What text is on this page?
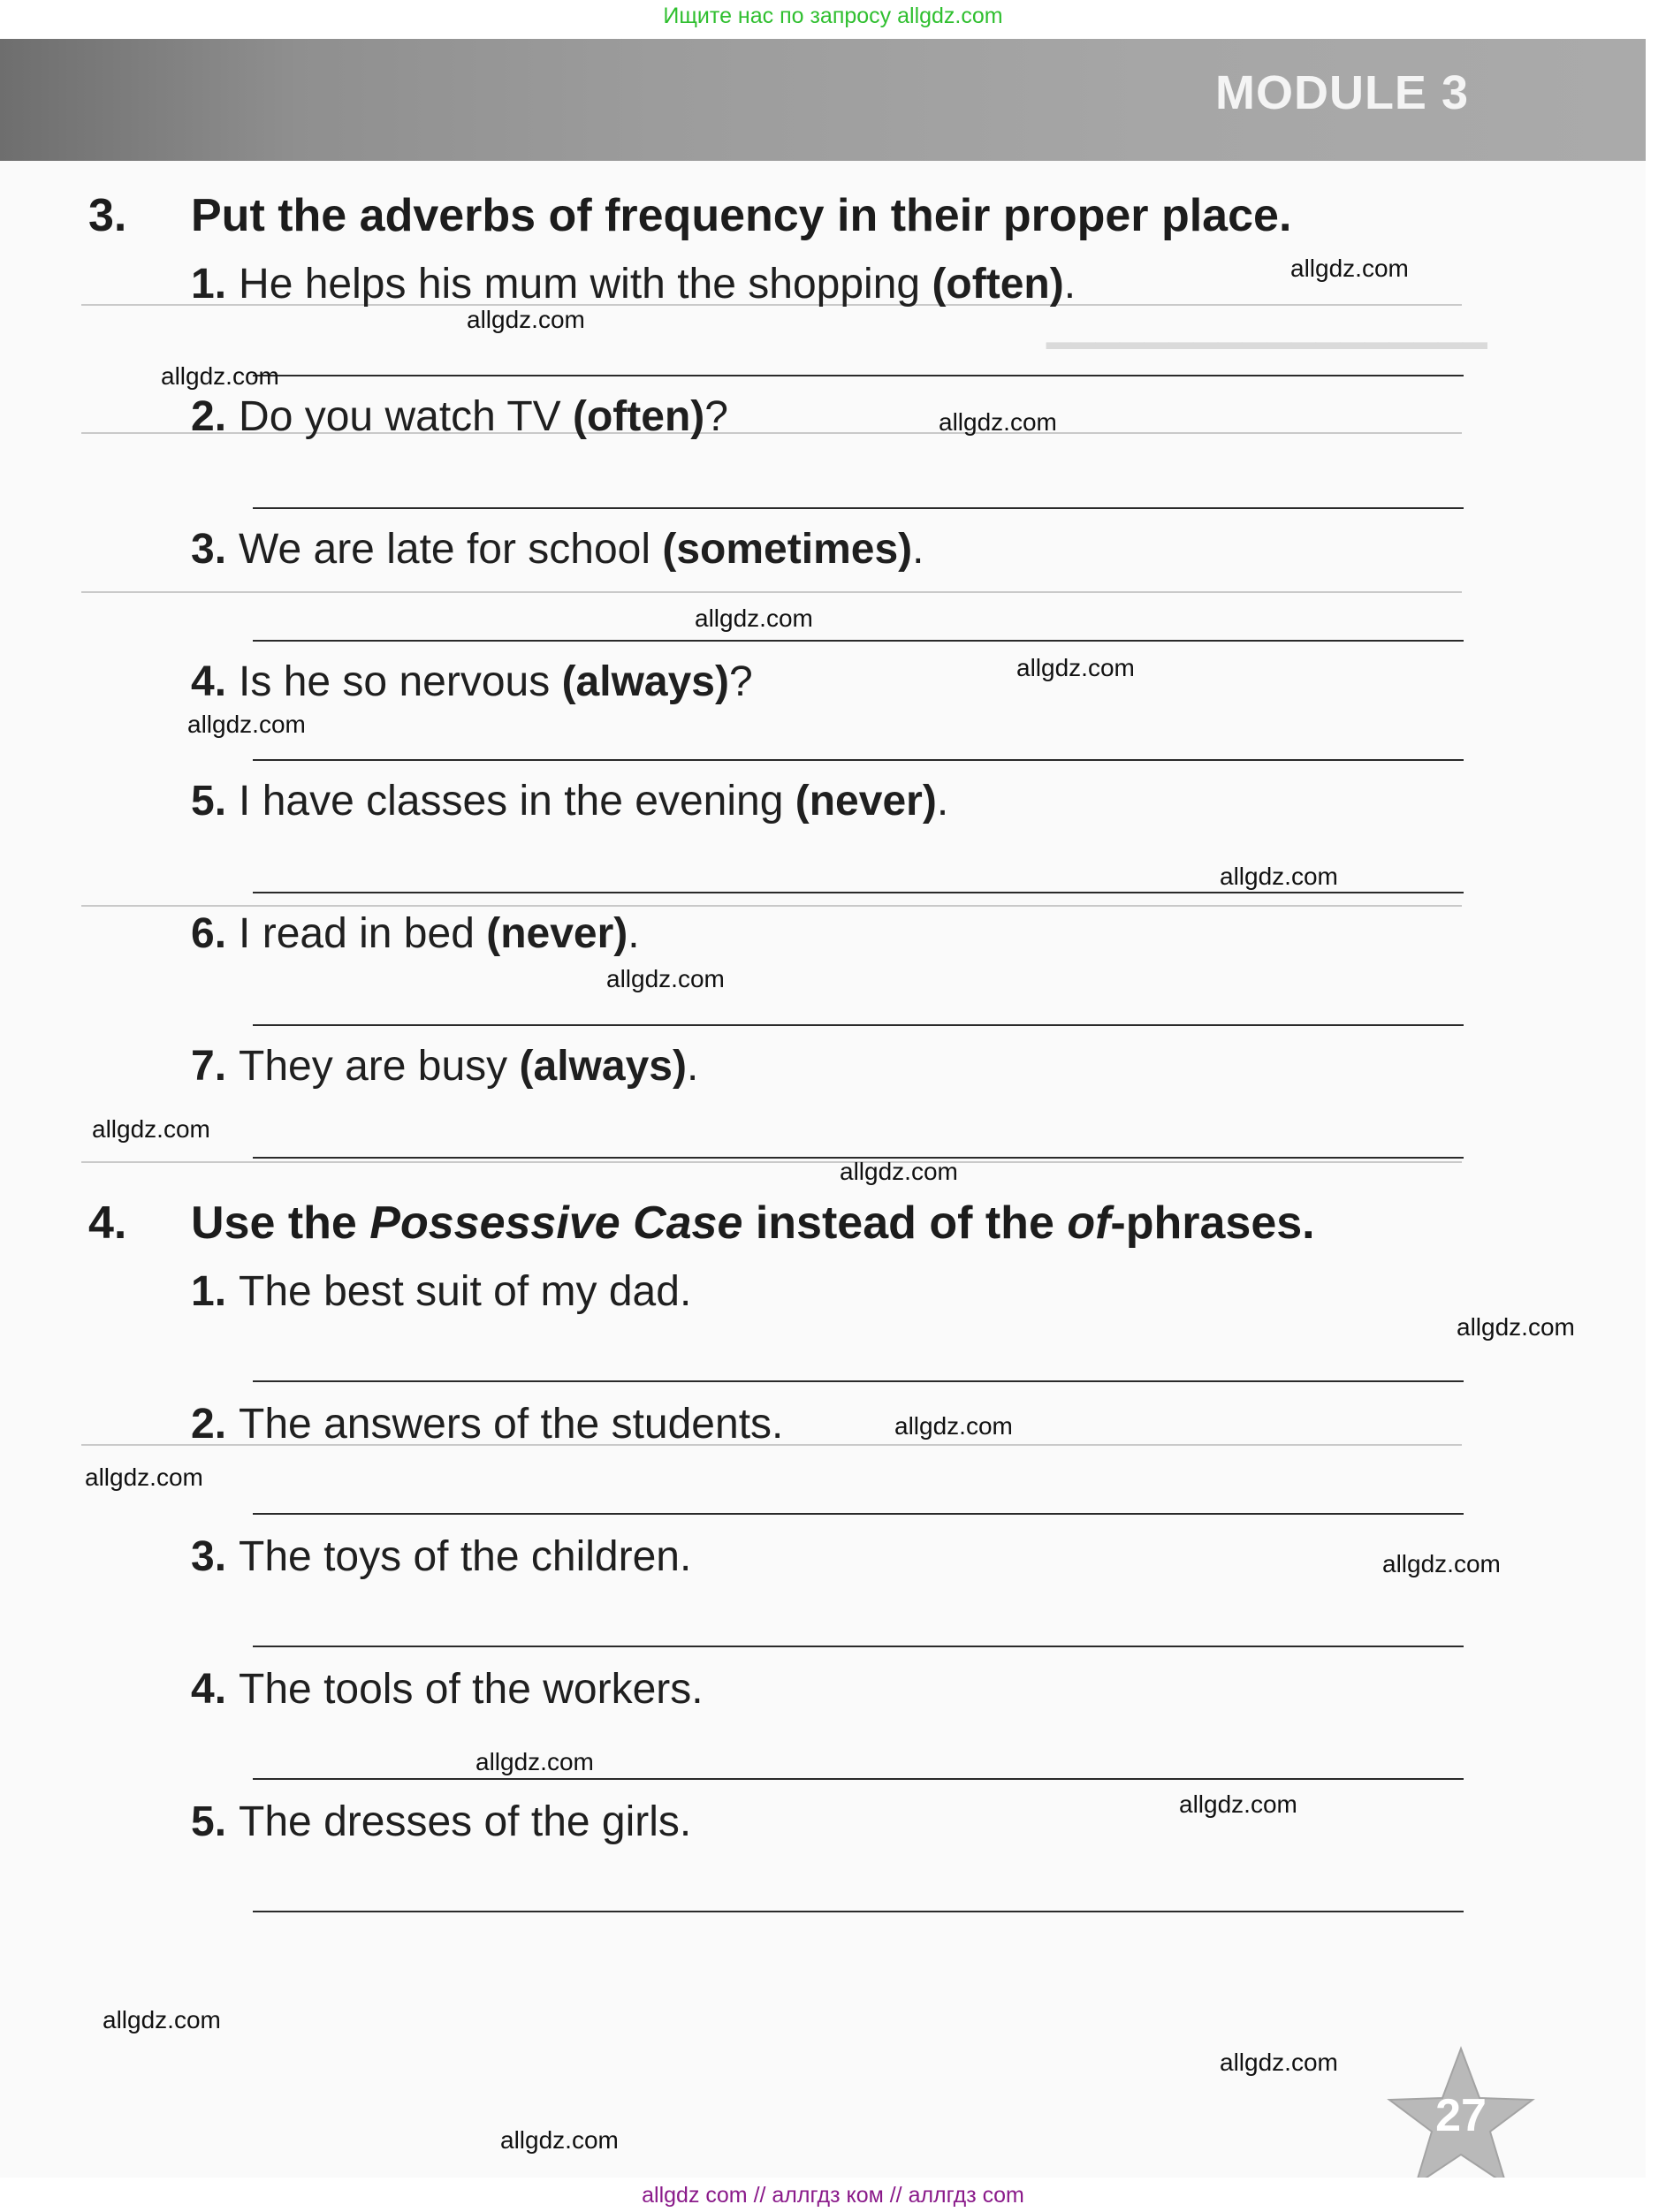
Ищите нас по запросу allgdz.com
MODULE 3
━━━━━━━━━━━━━━━━━━
3. Put the adverbs of frequency in their proper place.
1. He helps his mum with the shopping (often).
2. Do you watch TV (often)?
3. We are late for school (sometimes).
4. Is he so nervous (always)?
5. I have classes in the evening (never).
6. I read in bed (never).
7. They are busy (always).
4. Use the Possessive Case instead of the of-phrases.
1. The best suit of my dad.
2. The answers of the students.
3. The toys of the children.
4. The tools of the workers.
5. The dresses of the girls.
27
allgdz.com
allgdz.com
allgdz.com
allgdz.com
allgdz.com
allgdz.com
allgdz.com
allgdz.com
allgdz.com
allgdz.com
allgdz.com
allgdz.com
allgdz.com
allgdz.com
allgdz.com
allgdz.com
allgdz.com
allgdz.com
allgdz.com
allgdz.com
allgdz com // аллгдз ком // аллгдз com
